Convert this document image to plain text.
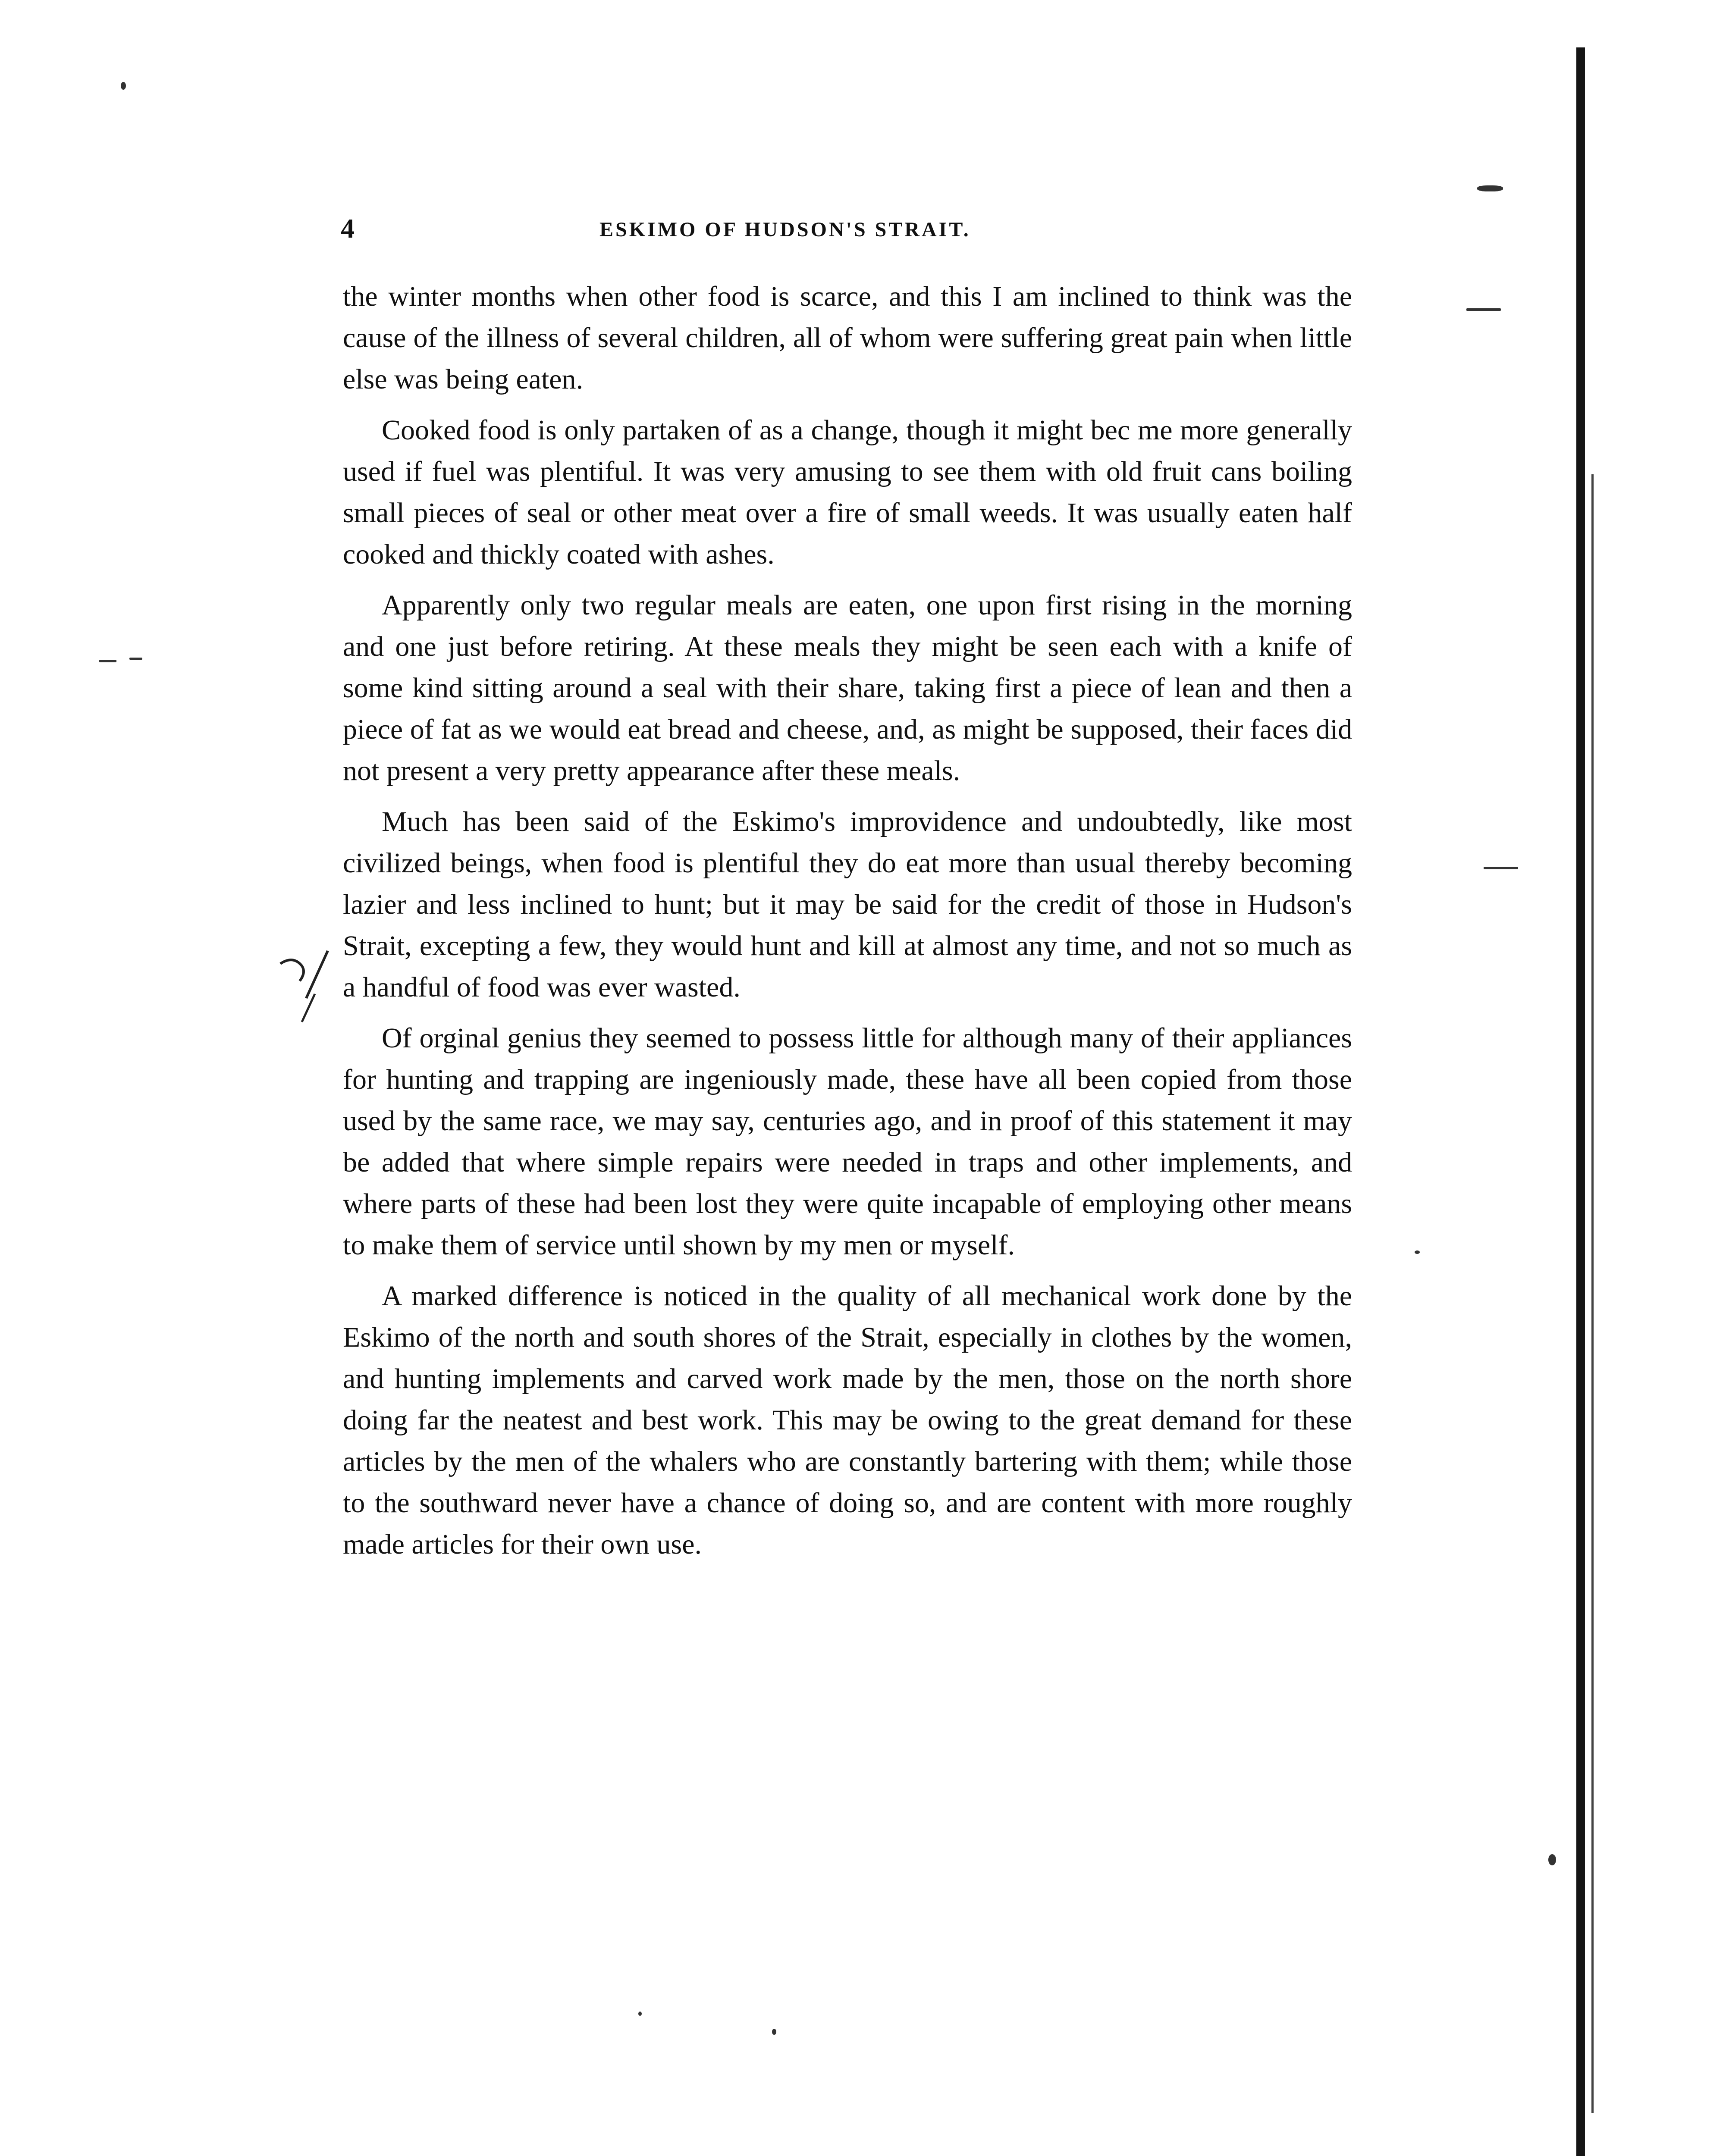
4	ESKIMO OF HUDSON'S STRAIT.

the winter months when other food is scarce, and this I am inclined to think was the cause of the illness of several children, all of whom were suffering great pain when little else was being eaten.

Cooked food is only partaken of as a change, though it might bec me more generally used if fuel was plentiful. It was very amusing to see them with old fruit cans boiling small pieces of seal or other meat over a fire of small weeds. It was usually eaten half cooked and thickly coated with ashes.

Apparently only two regular meals are eaten, one upon first rising in the morning and one just before retiring. At these meals they might be seen each with a knife of some kind sitting around a seal with their share, taking first a piece of lean and then a piece of fat as we would eat bread and cheese, and, as might be supposed, their faces did not present a very pretty appearance after these meals.

Much has been said of the Eskimo's improvidence and undoubtedly, like most civilized beings, when food is plentiful they do eat more than usual thereby becoming lazier and less inclined to hunt; but it may be said for the credit of those in Hudson's Strait, excepting a few, they would hunt and kill at almost any time, and not so much as a handful of food was ever wasted.

Of orginal genius they seemed to possess little for although many of their appliances for hunting and trapping are ingeniously made, these have all been copied from those used by the same race, we may say, centuries ago, and in proof of this statement it may be added that where simple repairs were needed in traps and other implements, and where parts of these had been lost they were quite incapable of employing other means to make them of service until shown by my men or myself.

A marked difference is noticed in the quality of all mechanical work done by the Eskimo of the north and south shores of the Strait, especially in clothes by the women, and hunting implements and carved work made by the men, those on the north shore doing far the neatest and best work. This may be owing to the great demand for these articles by the men of the whalers who are constantly bartering with them; while those to the southward never have a chance of doing so, and are content with more roughly made articles for their own use.
